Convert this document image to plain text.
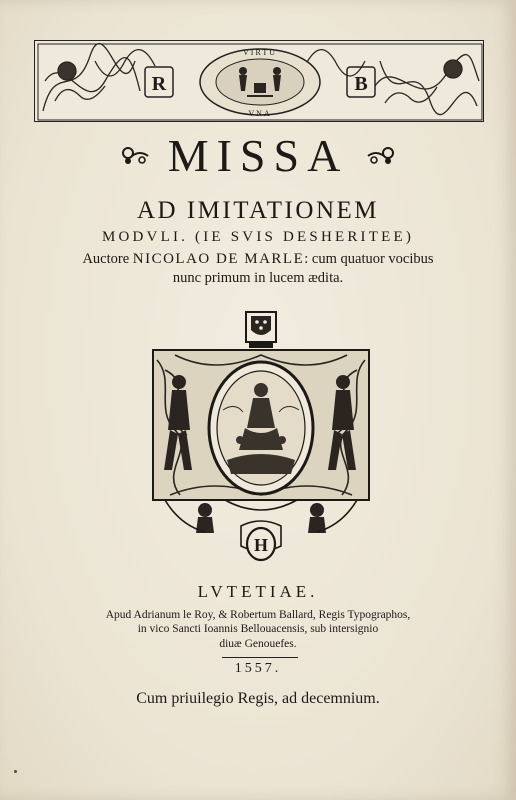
R	B
VIRTU
VNA
MISSA
AD IMITATIONEM
MODVLI. (IE SVIS DESHERITEE)
Auctore NICOLAO DE MARLE: cum quatuor vocibus
nunc primum in lucem ædita.
H
LVTETIAE.
Apud Adrianum le Roy, & Robertum Ballard, Regis Typographos,
in vico Sancti Ioannis Bellouacensis, sub intersignio
diuæ Genouefes.
1557.
Cum priuilegio Regis, ad decemnium.
